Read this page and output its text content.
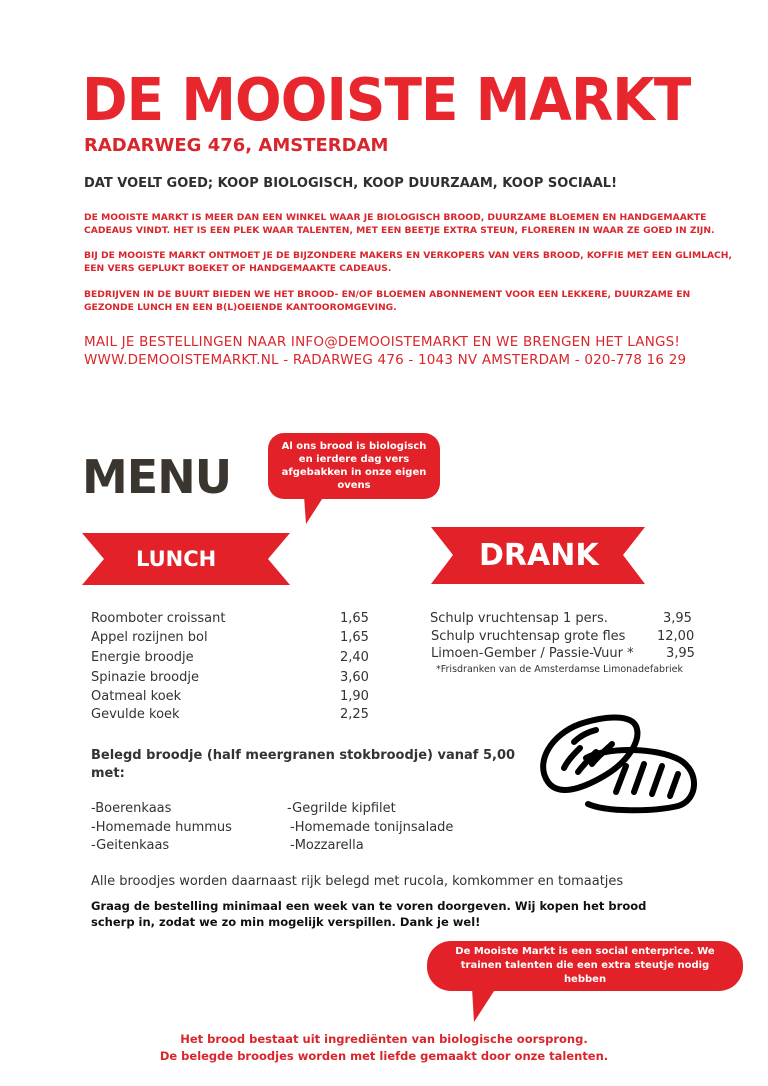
DE MOOISTE MARKT
RADARWEG 476, AMSTERDAM
DAT VOELT GOED; KOOP BIOLOGISCH, KOOP DUURZAAM, KOOP SOCIAAL!
DE MOOISTE MARKT IS MEER DAN EEN WINKEL WAAR JE BIOLOGISCH BROOD, DUURZAME BLOEMEN EN HANDGEMAAKTE CADEAUS VINDT. HET IS EEN PLEK WAAR TALENTEN, MET EEN BEETJE EXTRA STEUN, FLOREREN IN WAAR ZE GOED IN ZIJN.
BIJ DE MOOISTE MARKT ONTMOET JE DE BIJZONDERE MAKERS EN VERKOPERS VAN VERS BROOD, KOFFIE MET EEN GLIMLACH, EEN VERS GEPLUKT BOEKET OF HANDGEMAAKTE CADEAUS.
BEDRIJVEN IN DE BUURT BIEDEN WE HET BROOD- EN/OF BLOEMEN ABONNEMENT VOOR EEN LEKKERE, DUURZAME EN GEZONDE LUNCH EN EEN B(L)OEIENDE KANTOOROMGEVING.
MAIL JE BESTELLINGEN NAAR INFO@DEMOOISTEMARKT EN WE BRENGEN HET LANGS!
WWW.DEMOOISTEMARKT.NL - RADARWEG 476 - 1043 NV AMSTERDAM - 020-778 16 29
MENU
Al ons brood is biologisch en ierdere dag vers afgebakken in onze eigen ovens
LUNCH	DRANK
Roomboter croissant	1,65
Appel rozijnen bol	1,65
Energie broodje	2,40
Spinazie broodje	3,60
Oatmeal koek	1,90
Gevulde koek	2,25
Schulp vruchtensap 1 pers.	3,95
Schulp vruchtensap grote fles 12,00
Limoen-Gember / Passie-Vuur * 3,95
*Frisdranken van de Amsterdamse Limonadefabriek
Belegd broodje (half meergranen stokbroodje) vanaf 5,00 met:
-Boerenkaas
-Homemade hummus
-Geitenkaas
-Gegrilde kipfilet
-Homemade tonijnsalade
-Mozzarella
Alle broodjes worden daarnaast rijk belegd met rucola, komkommer en tomaatjes
Graag de bestelling minimaal een week van te voren doorgeven. Wij kopen het brood scherp in, zodat we zo min mogelijk verspillen. Dank je wel!
De Mooiste Markt is een social enterprice. We trainen talenten die een extra steutje nodig hebben
Het brood bestaat uit ingrediënten van biologische oorsprong.
De belegde broodjes worden met liefde gemaakt door onze talenten.
